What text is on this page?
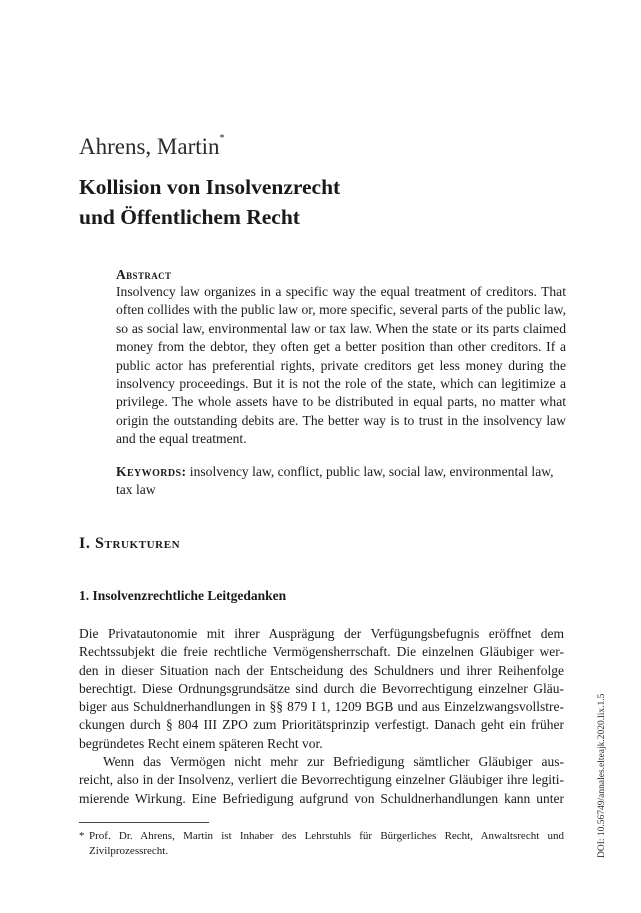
Ahrens, Martin*
Kollision von Insolvenzrecht
und Öffentlichem Recht
Abstract
Insolvency law organizes in a specific way the equal treatment of creditors. That often collides with the public law or, more specific, several parts of the public law, so as social law, environmental law or tax law. When the state or its parts claimed money from the debtor, they often get a better position than other creditors. If a public actor has preferential rights, private creditors get less money during the insolvency proceedings. But it is not the role of the state, which can legitimize a privilege. The whole assets have to be distributed in equal parts, no matter what origin the outstanding debits are. The better way is to trust in the insolvency law and the equal treatment.
Keywords: insolvency law, conflict, public law, social law, environmental law, tax law
I. Strukturen
1. Insolvenzrechtliche Leitgedanken
Die Privatautonomie mit ihrer Ausprägung der Verfügungsbefugnis eröffnet dem
Rechtssubjekt die freie rechtliche Vermögensherrschaft. Die einzelnen Gläubiger wer-
den in dieser Situation nach der Entscheidung des Schuldners und ihrer Reihenfolge
berechtigt. Diese Ordnungsgrundsätze sind durch die Bevorrechtigung einzelner Gläu-
biger aus Schuldnerhandlungen in §§ 879 I 1, 1209 BGB und aus Einzelzwangsvollstre-
ckungen durch § 804 III ZPO zum Prioritätsprinzip verfestigt. Danach geht ein früher
begründetes Recht einem späteren Recht vor.
Wenn das Vermögen nicht mehr zur Befriedigung sämtlicher Gläubiger aus-
reicht, also in der Insolvenz, verliert die Bevorrechtigung einzelner Gläubiger ihre legiti-
mierende Wirkung. Eine Befriedigung aufgrund von Schuldnerhandlungen kann unter
* Prof. Dr. Ahrens, Martin ist Inhaber des Lehrstuhls für Bürgerliches Recht, Anwaltsrecht und
Zivilprozessrecht.	DOI: 10.56749/annales.elteajk.2020.lix.1.5
